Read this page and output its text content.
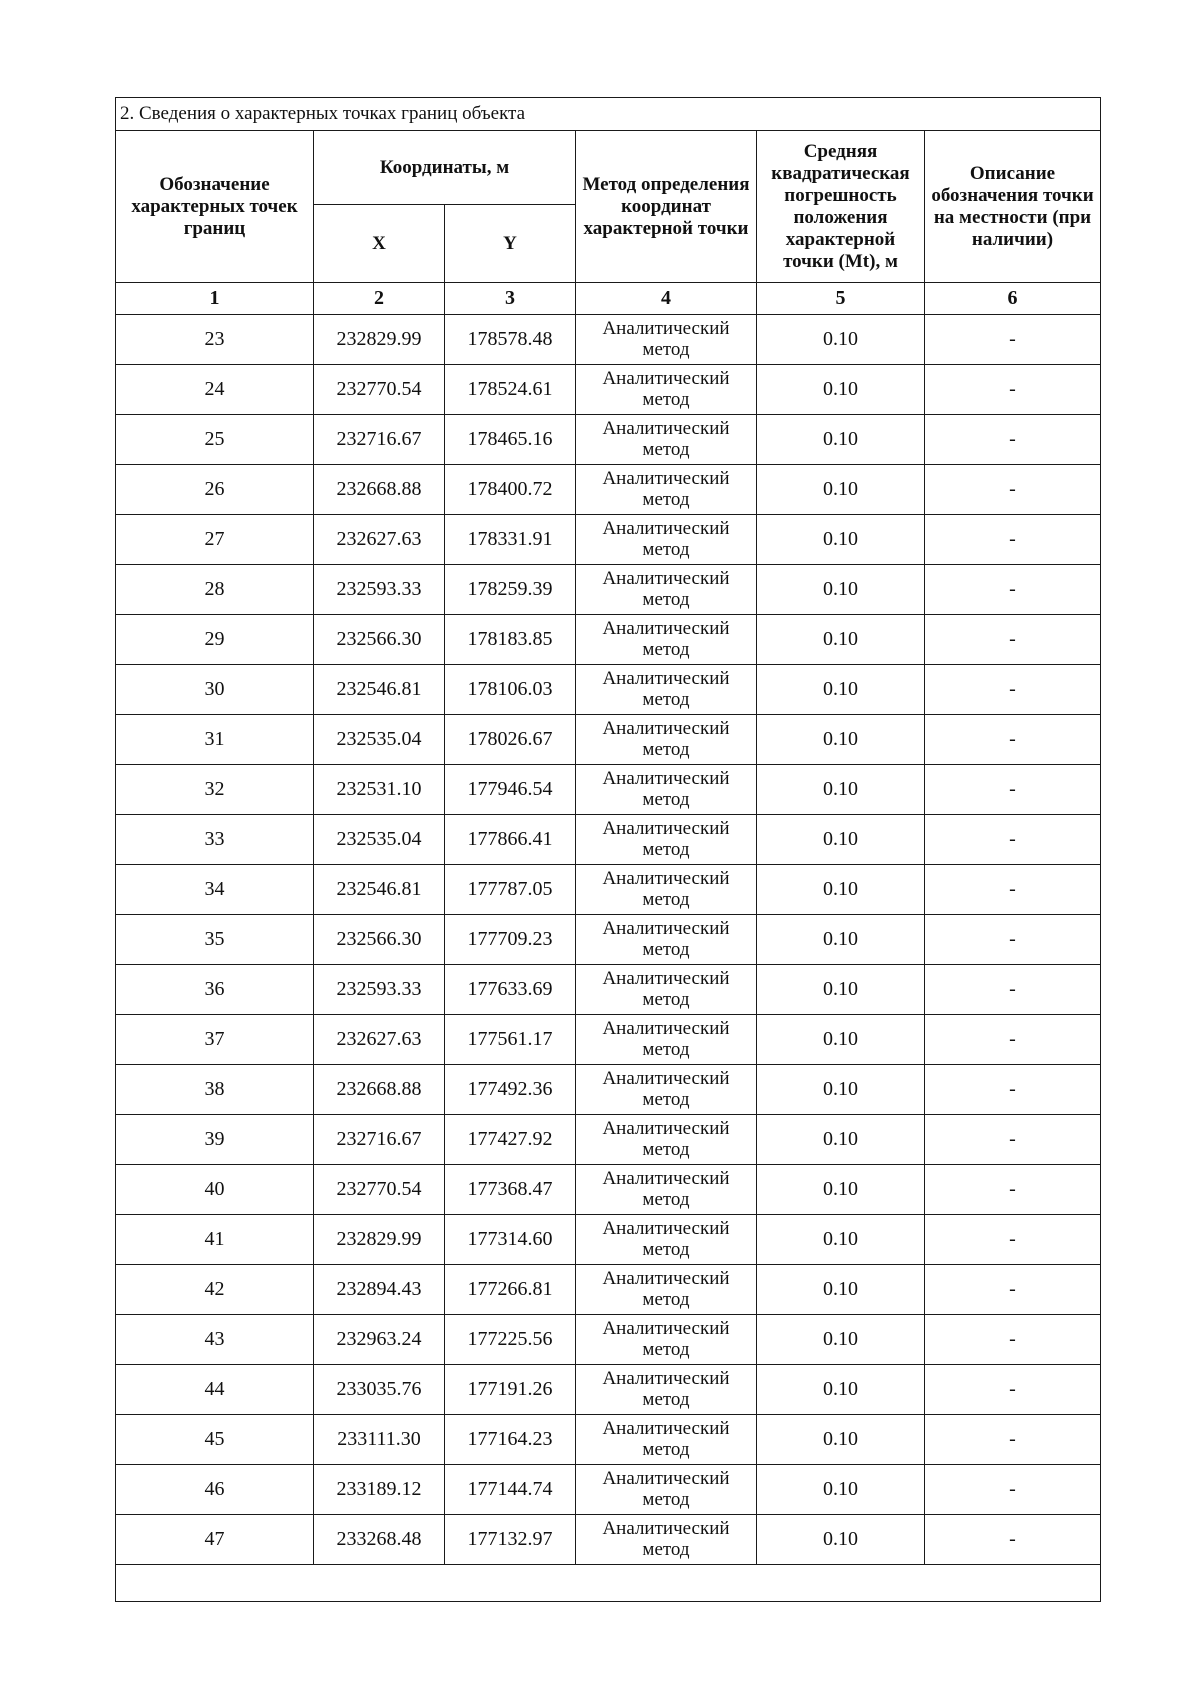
2. Сведения о характерных точках границ объекта					
Обозначение характерных точек границ	Координаты, м		Метод определения координат характерной точки	Средняя квадратическая погрешность положения характерной точки (Mt), м	Описание обозначения точки на местности (при наличии)
	X	Y			
1	2	3	4	5	6
23	232829.99	178578.48	Аналитический метод	0.10	-
24	232770.54	178524.61	Аналитический метод	0.10	-
25	232716.67	178465.16	Аналитический метод	0.10	-
26	232668.88	178400.72	Аналитический метод	0.10	-
27	232627.63	178331.91	Аналитический метод	0.10	-
28	232593.33	178259.39	Аналитический метод	0.10	-
29	232566.30	178183.85	Аналитический метод	0.10	-
30	232546.81	178106.03	Аналитический метод	0.10	-
31	232535.04	178026.67	Аналитический метод	0.10	-
32	232531.10	177946.54	Аналитический метод	0.10	-
33	232535.04	177866.41	Аналитический метод	0.10	-
34	232546.81	177787.05	Аналитический метод	0.10	-
35	232566.30	177709.23	Аналитический метод	0.10	-
36	232593.33	177633.69	Аналитический метод	0.10	-
37	232627.63	177561.17	Аналитический метод	0.10	-
38	232668.88	177492.36	Аналитический метод	0.10	-
39	232716.67	177427.92	Аналитический метод	0.10	-
40	232770.54	177368.47	Аналитический метод	0.10	-
41	232829.99	177314.60	Аналитический метод	0.10	-
42	232894.43	177266.81	Аналитический метод	0.10	-
43	232963.24	177225.56	Аналитический метод	0.10	-
44	233035.76	177191.26	Аналитический метод	0.10	-
45	233111.30	177164.23	Аналитический метод	0.10	-
46	233189.12	177144.74	Аналитический метод	0.10	-
47	233268.48	177132.97	Аналитический метод	0.10	-
